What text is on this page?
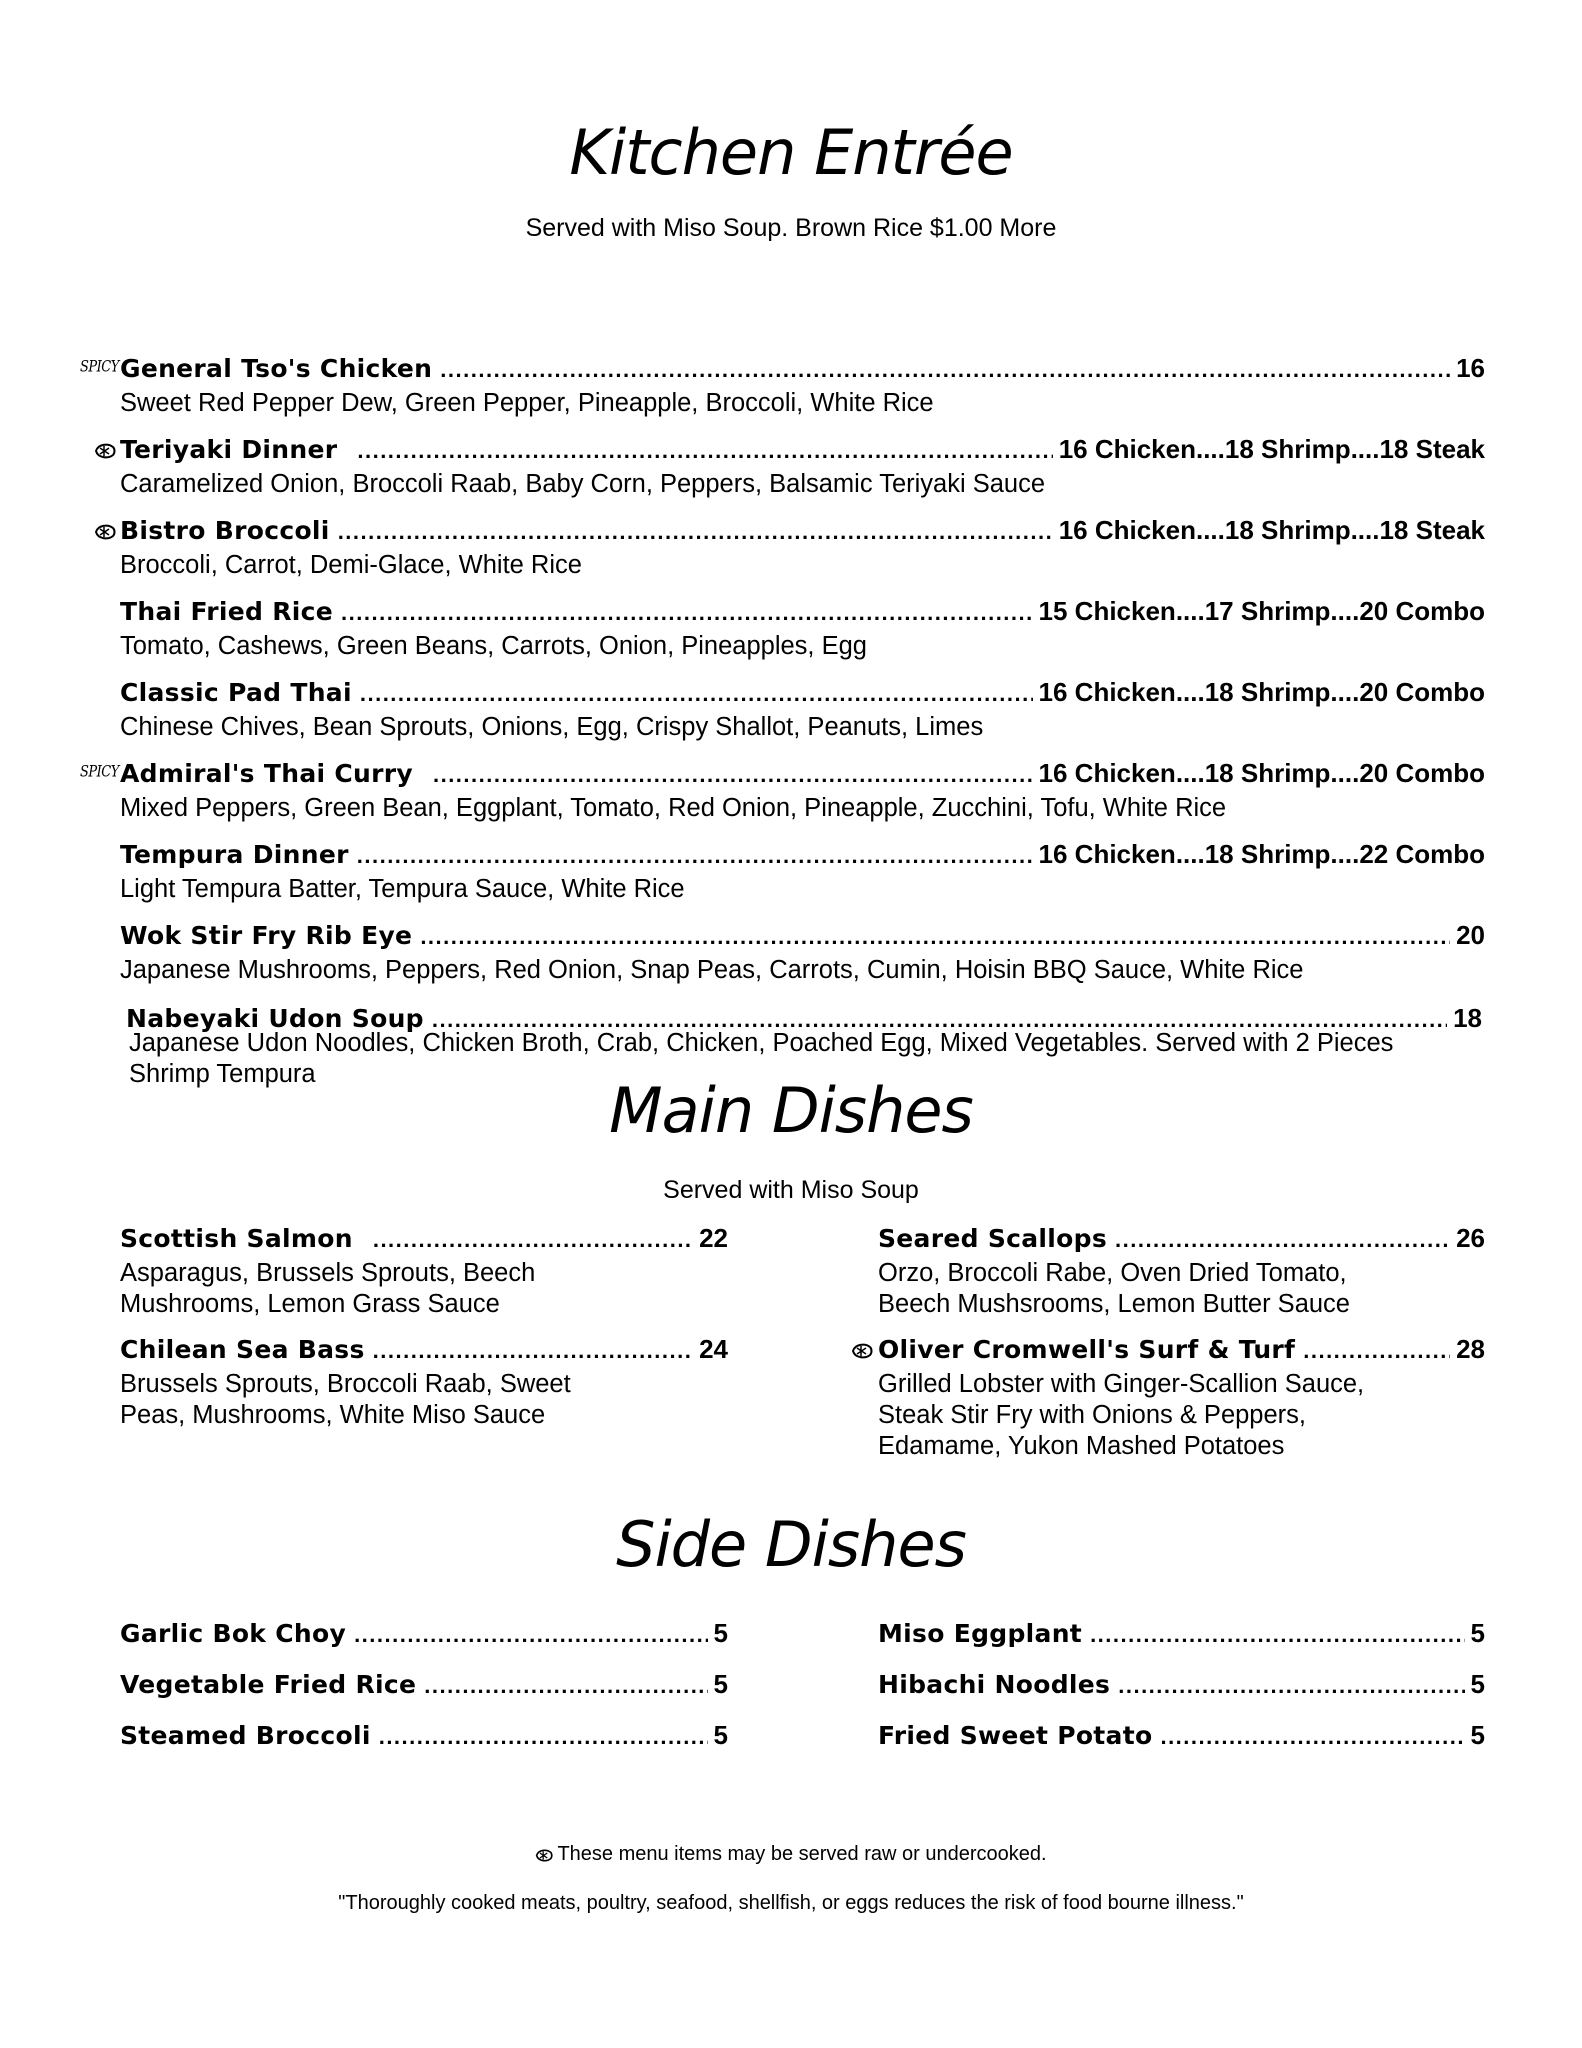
Kitchen Entrée

Served with Miso Soup. Brown Rice $1.00 More

SPICY General Tso's Chicken .....	16
Sweet Red Pepper Dew, Green Pepper, Pineapple, Broccoli, White Rice
Teriyaki Dinner .....	16 Chicken....18 Shrimp....18 Steak
Caramelized Onion, Broccoli Raab, Baby Corn, Peppers, Balsamic Teriyaki Sauce
Bistro Broccoli .....	16 Chicken....18 Shrimp....18 Steak
Broccoli, Carrot, Demi-Glace, White Rice
Thai Fried Rice .....	15 Chicken....17 Shrimp....20 Combo
Tomato, Cashews, Green Beans, Carrots, Onion, Pineapples, Egg
Classic Pad Thai .....	16 Chicken....18 Shrimp....20 Combo
Chinese Chives, Bean Sprouts, Onions, Egg, Crispy Shallot, Peanuts, Limes
SPICY Admiral's Thai Curry .....	16 Chicken....18 Shrimp....20 Combo
Mixed Peppers, Green Bean, Eggplant, Tomato, Red Onion, Pineapple, Zucchini, Tofu, White Rice
Tempura Dinner .....	16 Chicken....18 Shrimp....22 Combo
Light Tempura Batter, Tempura Sauce, White Rice
Wok Stir Fry Rib Eye .....	20
Japanese Mushrooms, Peppers, Red Onion, Snap Peas, Carrots, Cumin, Hoisin BBQ Sauce, White Rice
Nabeyaki Udon Soup .....	18
Japanese Udon Noodles, Chicken Broth, Crab, Chicken, Poached Egg, Mixed Vegetables. Served with 2 Pieces Shrimp Tempura	Main Dishes

Served with Miso Soup

Scottish Salmon .....	22
Asparagus, Brussels Sprouts, Beech Mushrooms, Lemon Grass Sauce
Seared Scallops .....	26
Orzo, Broccoli Rabe, Oven Dried Tomato, Beech Mushsrooms, Lemon Butter Sauce
Chilean Sea Bass .....	24
Brussels Sprouts, Broccoli Raab, Sweet Peas, Mushrooms, White Miso Sauce
Oliver Cromwell's Surf & Turf .....	28
Grilled Lobster with Ginger-Scallion Sauce, Steak Stir Fry with Onions & Peppers, Edamame, Yukon Mashed Potatoes
Side Dishes
Garlic Bok Choy .....	5	Miso Eggplant .....	5
Vegetable Fried Rice .....	5	Hibachi Noodles .....	5
Steamed Broccoli .....	5	Fried Sweet Potato .....	5
These menu items may be served raw or undercooked.
"Thoroughly cooked meats, poultry, seafood, shellfish, or eggs reduces the risk of food bourne illness."
